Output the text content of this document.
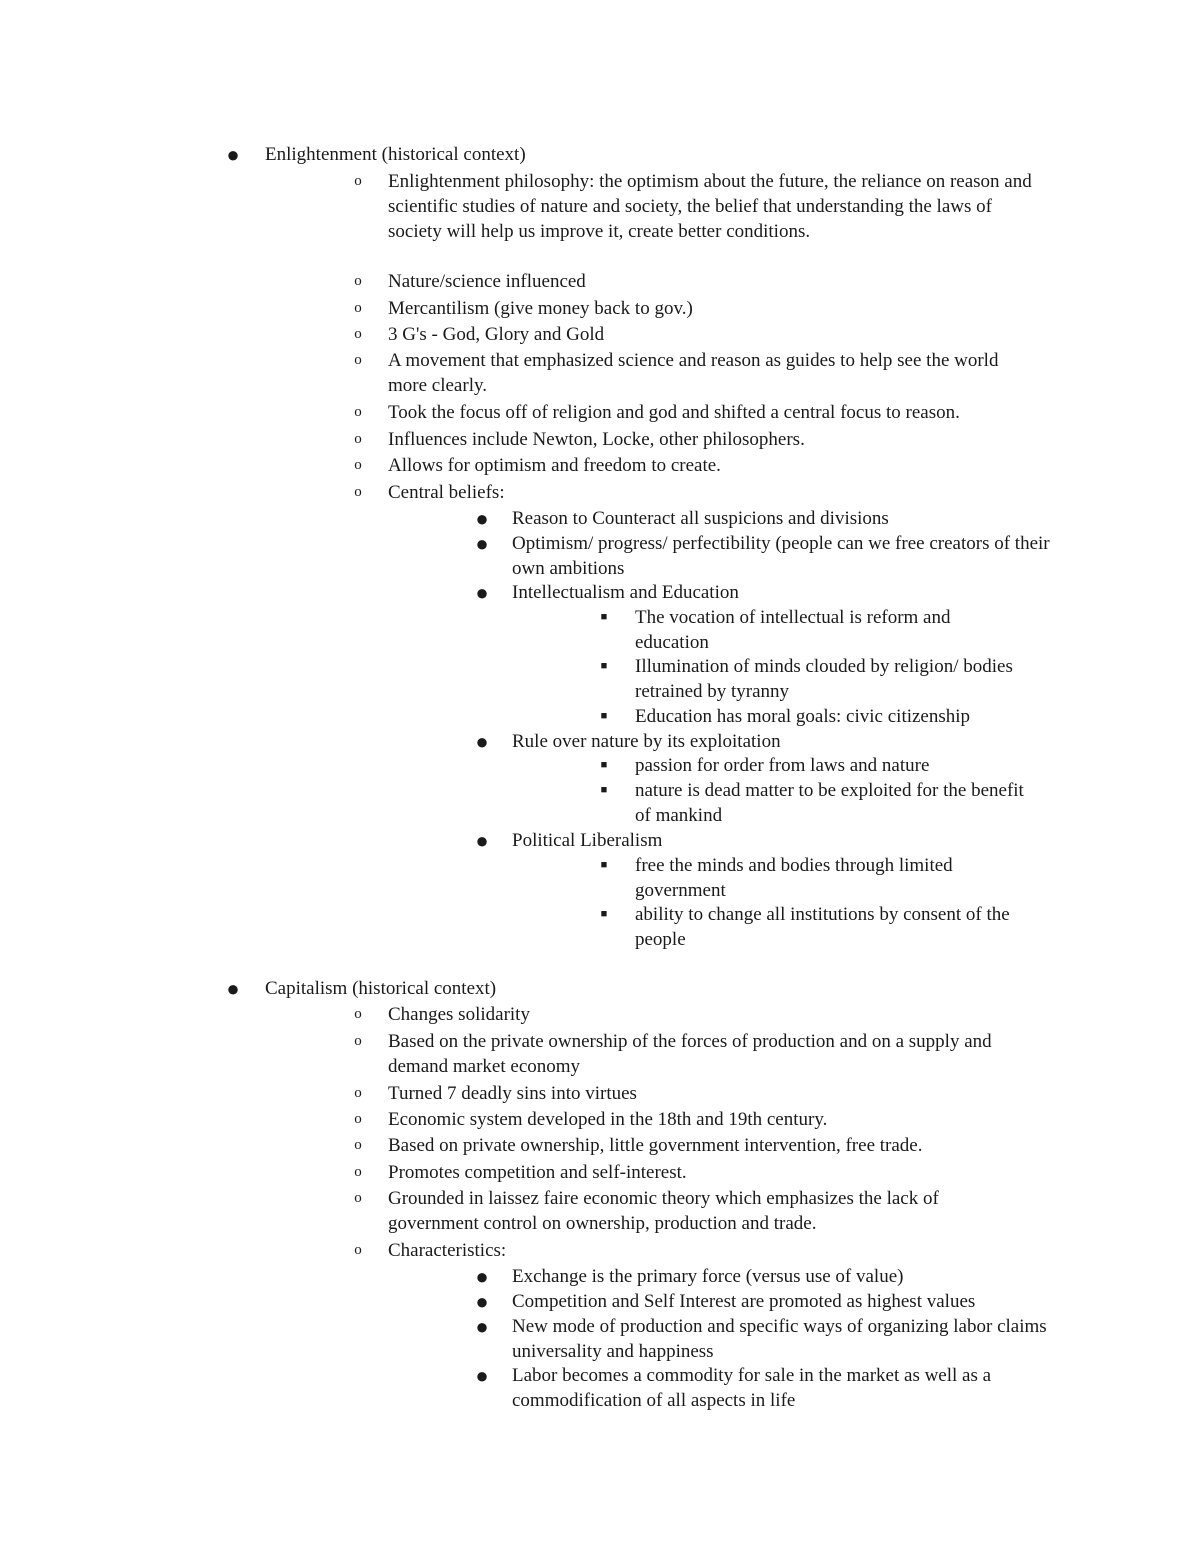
● Enlightenment (historical context)
o	Enlightenment philosophy: the optimism about the future, the reliance on reason and scientific studies of nature and society, the belief that understanding the laws of society will help us improve it, create better conditions.
o	Nature/science influenced
o	Mercantilism (give money back to gov.)
o	3 G's - God, Glory and Gold
o	A movement that emphasized science and reason as guides to help see the world more clearly.
o	Took the focus off of religion and god and shifted a central focus to reason.
o	Influences include Newton, Locke, other philosophers.
o	Allows for optimism and freedom to create.
o	Central beliefs:
● Reason to Counteract all suspicions and divisions
● Optimism/ progress/ perfectibility (people can we free creators of their own ambitions
● Intellectualism and Education
■	The vocation of intellectual is reform and education
■	Illumination of minds clouded by religion/ bodies retrained by tyranny
■	Education has moral goals: civic citizenship
● Rule over nature by its exploitation
■	passion for order from laws and nature
■	nature is dead matter to be exploited for the benefit of mankind
● Political Liberalism
■	free the minds and bodies through limited government
■	ability to change all institutions by consent of the people
● Capitalism (historical context)
o	Changes solidarity
o	Based on the private ownership of the forces of production and on a supply and demand market economy
o	Turned 7 deadly sins into virtues
o	Economic system developed in the 18th and 19th century.
o	Based on private ownership, little government intervention, free trade.
o	Promotes competition and self-interest.
o	Grounded in laissez faire economic theory which emphasizes the lack of government control on ownership, production and trade.
o	Characteristics:
● Exchange is the primary force (versus use of value)
● Competition and Self Interest are promoted as highest values
● New mode of production and specific ways of organizing labor claims universality and happiness
● Labor becomes a commodity for sale in the market as well as a commodification of all aspects in life
